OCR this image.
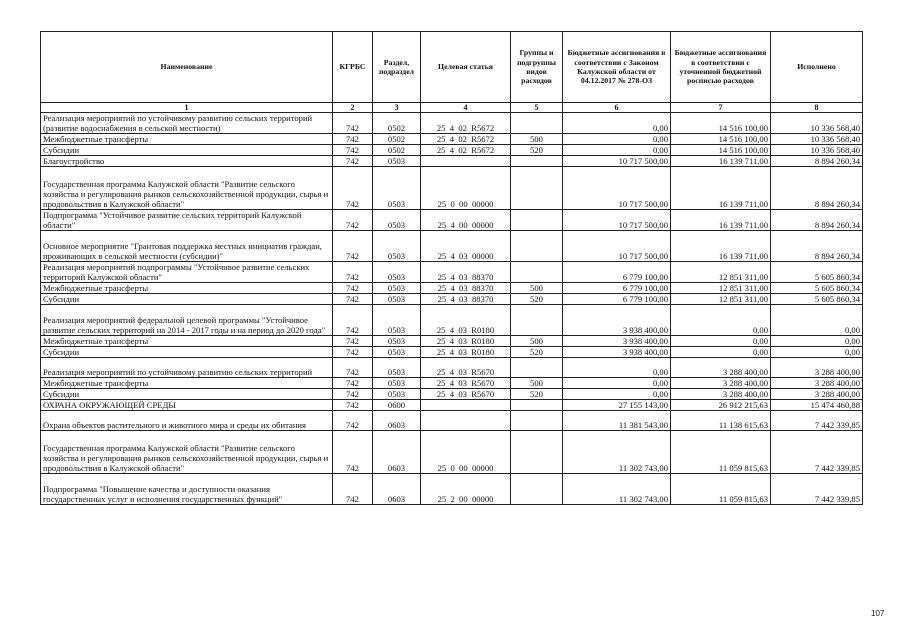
Наименование	КГРБС	Раздел, подраздел	Целевая статья	Группы и подгруппы видов расходов	Бюджетные ассигнования в соответствии с Законом Калужской области от 04.12.2017 № 278-ОЗ	Бюджетные ассигнования в соответствии с уточненной бюджетной росписью расходов	Исполнено
1	2	3	4	5	6	7	8
Реализация мероприятий по устойчивому развитию сельских территорий (развитие водоснабжения в сельской местности)	742	0502	25  4  02  R5672		0,00	14 516 100,00	10 336 568,40
Межбюджетные трансферты	742	0502	25  4  02  R5672	500	0,00	14 516 100,00	10 336 568,40
Субсидии	742	0502	25  4  02  R5672	520	0,00	14 516 100,00	10 336 568,40
Благоустройство	742	0503			10 717 500,00	16 139 711,00	8 894 260,34
Государственная программа Калужской области "Развитие сельского хозяйства и регулирования рынков сельскохозяйственной продукции, сырья и продовольствия в Калужской области"	742	0503	25  0  00  00000		10 717 500,00	16 139 711,00	8 894 260,34
Подпрограмма "Устойчивое развитие сельских территорий Калужской области"	742	0503	25  4  00  00000		10 717 500,00	16 139 711,00	8 894 260,34
Основное мероприятие "Грантовая поддержка местных инициатив граждан, проживающих в сельской местности (субсидии)"	742	0503	25  4  03  00000		10 717 500,00	16 139 711,00	8 894 260,34
Реализация мероприятий подпрограммы "Устойчивое развитие сельских территорий Калужской области"	742	0503	25  4  03  88370		6 779 100,00	12 851 311,00	5 605 860,34
Межбюджетные трансферты	742	0503	25  4  03  88370	500	6 779 100,00	12 851 311,00	5 605 860,34
Субсидии	742	0503	25  4  03  88370	520	6 779 100,00	12 851 311,00	5 605 860,34
Реализация мероприятий федеральной целевой программы "Устойчивое развитие сельских территорий на 2014 - 2017 годы и на период до 2020 года"	742	0503	25  4  03  R0180		3 938 400,00	0,00	0,00
Межбюджетные трансферты	742	0503	25  4  03  R0180	500	3 938 400,00	0,00	0,00
Субсидии	742	0503	25  4  03  R0180	520	3 938 400,00	0,00	0,00
Реализация мероприятий по устойчивому развитию сельских территорий	742	0503	25  4  03  R5670		0,00	3 288 400,00	3 288 400,00
Межбюджетные трансферты	742	0503	25  4  03  R5670	500	0,00	3 288 400,00	3 288 400,00
Субсидии	742	0503	25  4  03  R5670	520	0,00	3 288 400,00	3 288 400,00
ОХРАНА ОКРУЖАЮЩЕЙ СРЕДЫ	742	0600			27 155 143,00	26 912 215,63	15 474 460,88
Охрана объектов растительного и животного мира и среды их обитания	742	0603			11 381 543,00	11 138 615,63	7 442 339,85
Государственная программа Калужской области "Развитие сельского хозяйства и регулирования рынков сельскохозяйственной продукции, сырья и продовольствия в Калужской области"	742	0603	25  0  00  00000		11 302 743,00	11 059 815,63	7 442 339,85
Подпрограмма "Повышение качества и доступности оказания государственных услуг и исполнения государственных функций"	742	0603	25  2  00  00000		11 302 743,00	11 059 815,63	7 442 339,85
107
